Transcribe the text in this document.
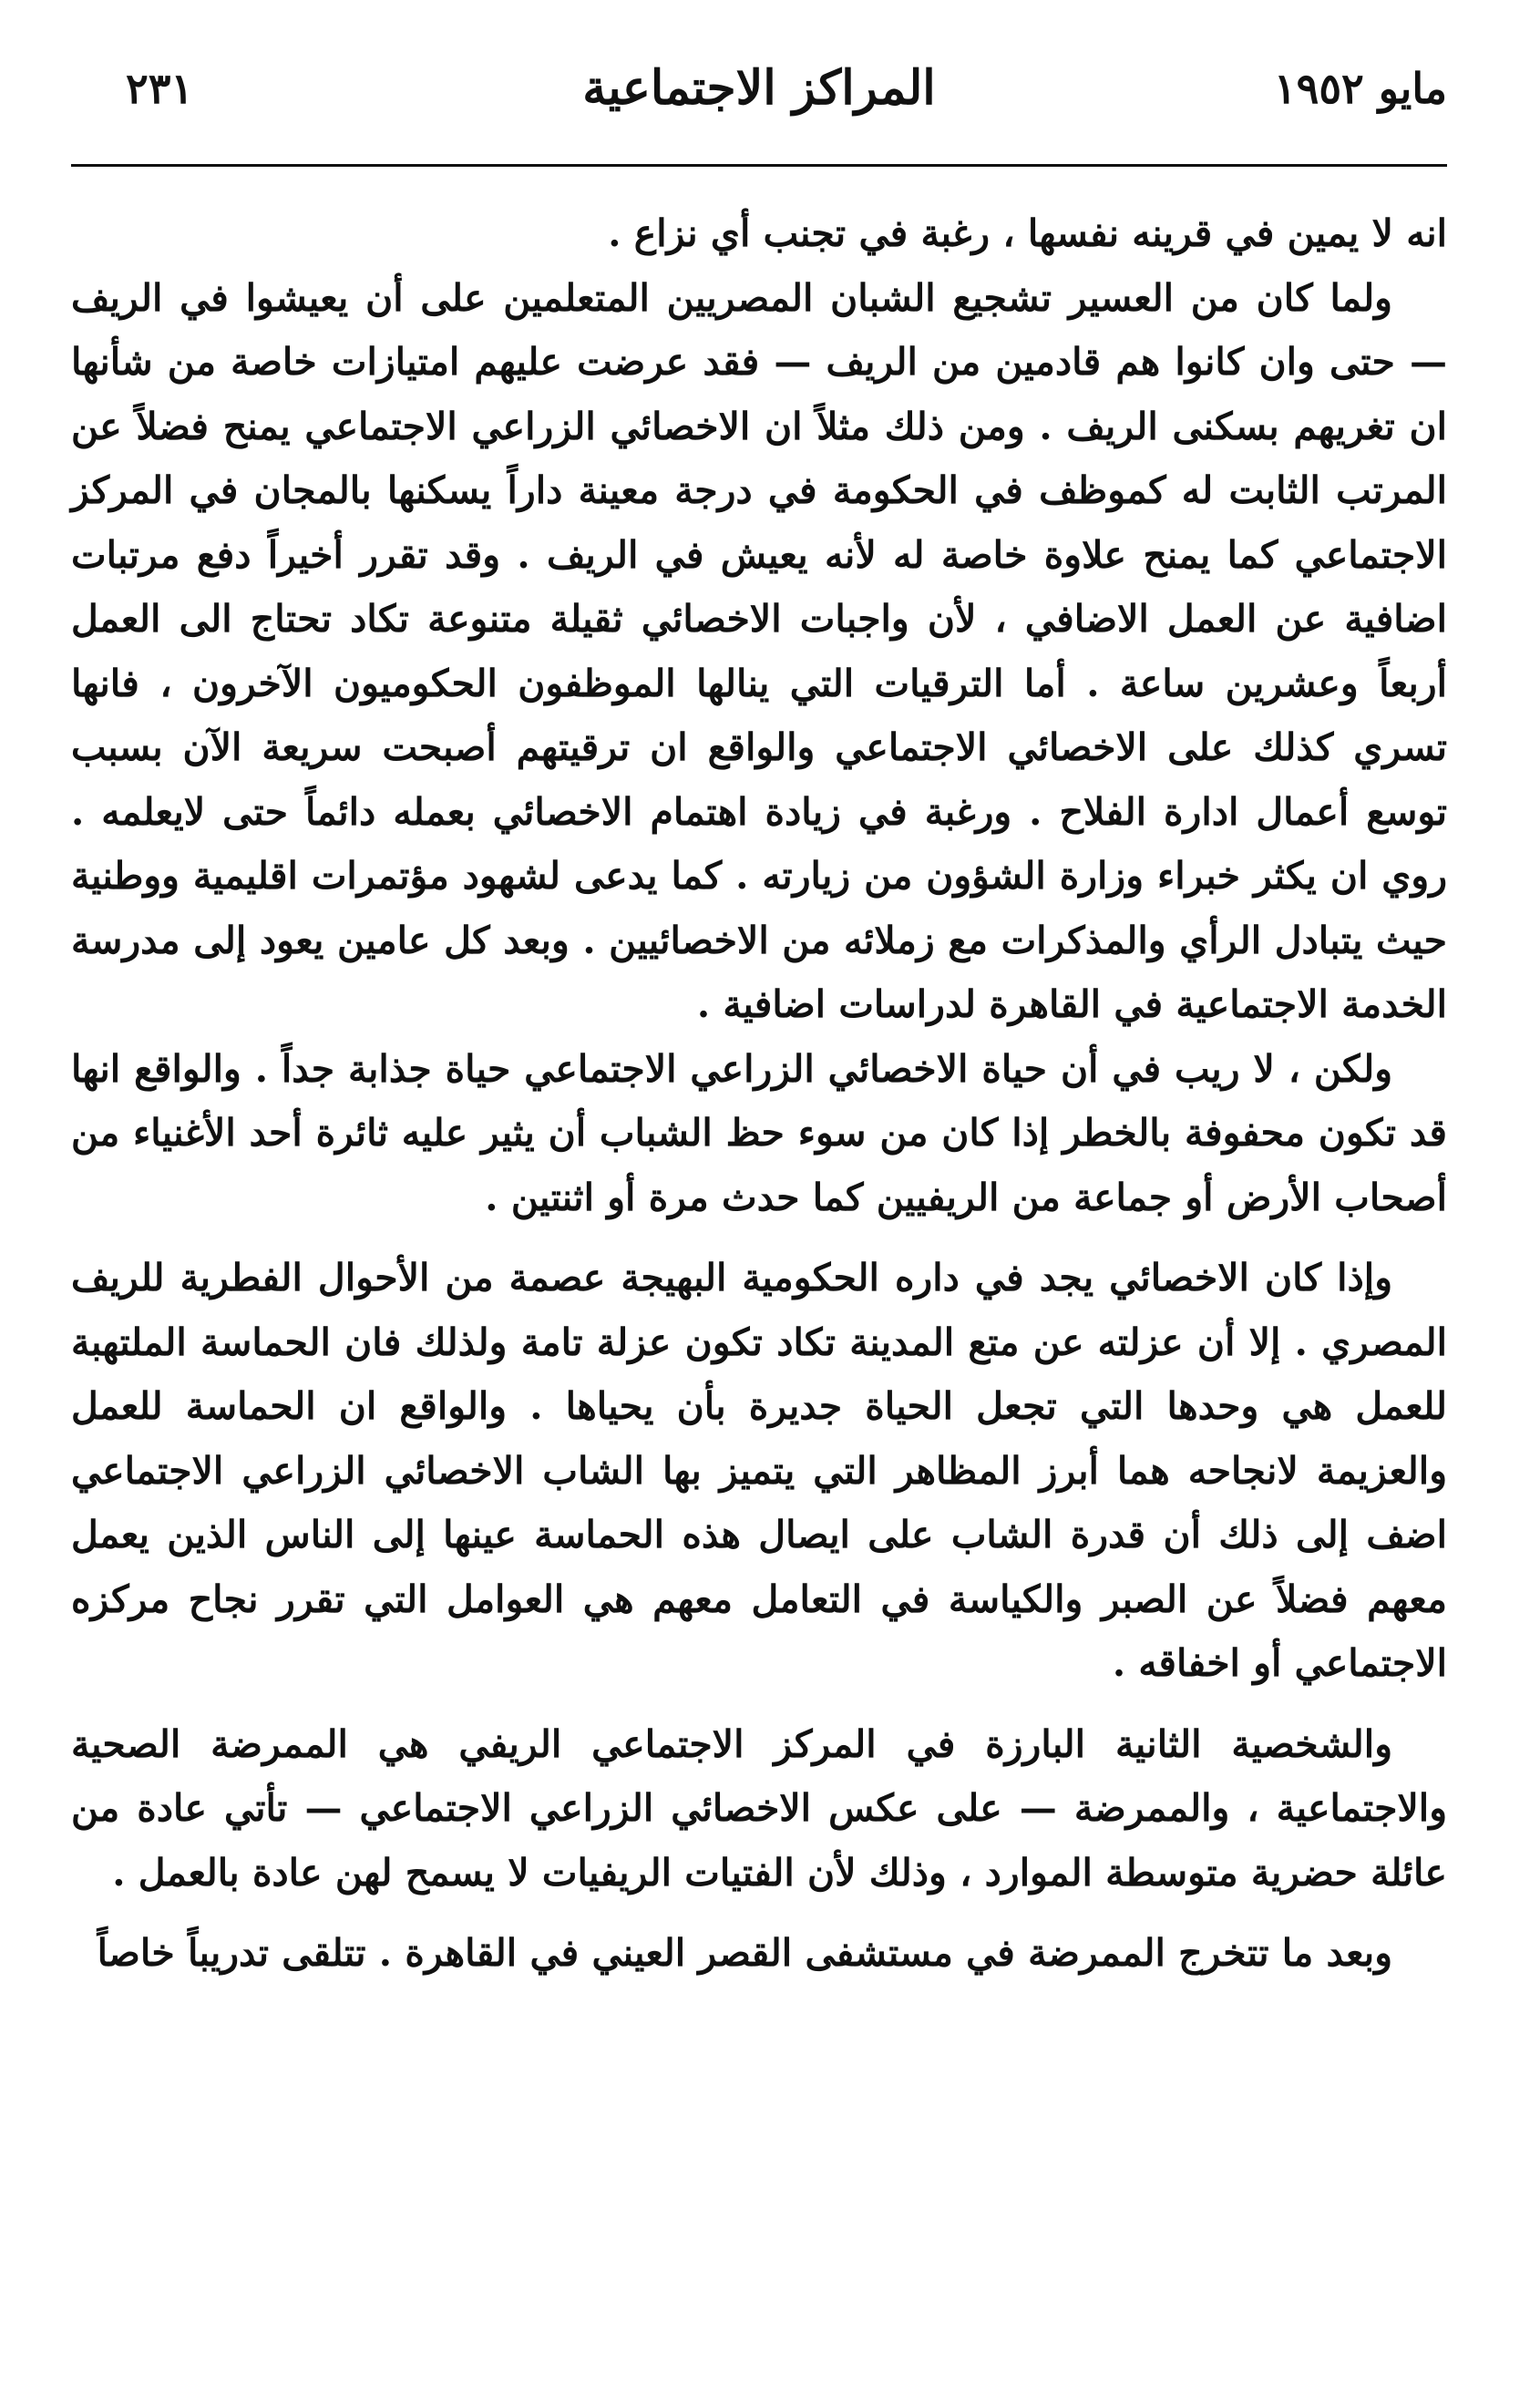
مايو ١٩٥٢
المراكز الاجتماعية
٢٣١

انه لا يمين في قرينه نفسها ، رغبة في تجنب أي نزاع .

ولما كان من العسير تشجيع الشبان المصريين المتعلمين على أن يعيشوا في الريف — حتى وان كانوا هم قادمين من الريف — فقد عرضت عليهم امتيازات خاصة من شأنها ان تغريهم بسكنى الريف . ومن ذلك مثلاً ان الاخصائي الزراعي الاجتماعي يمنح فضلاً عن المرتب الثابت له كموظف في الحكومة في درجة معينة داراً يسكنها بالمجان في المركز الاجتماعي كما يمنح علاوة خاصة له لأنه يعيش في الريف . وقد تقرر أخيراً دفع مرتبات اضافية عن العمل الاضافي ، لأن واجبات الاخصائي ثقيلة متنوعة تكاد تحتاج الى العمل أربعاً وعشرين ساعة . أما الترقيات التي ينالها الموظفون الحكوميون الآخرون ، فانها تسري كذلك على الاخصائي الاجتماعي والواقع ان ترقيتهم أصبحت سريعة الآن بسبب توسع أعمال ادارة الفلاح . ورغبة في زيادة اهتمام الاخصائي بعمله دائماً حتى لايعلمه . روي ان يكثر خبراء وزارة الشؤون من زيارته . كما يدعى لشهود مؤتمرات اقليمية ووطنية حيث يتبادل الرأي والمذكرات مع زملائه من الاخصائيين . وبعد كل عامين يعود إلى مدرسة الخدمة الاجتماعية في القاهرة لدراسات اضافية .

ولكن ، لا ريب في أن حياة الاخصائي الزراعي الاجتماعي حياة جذابة جداً . والواقع انها قد تكون محفوفة بالخطر إذا كان من سوء حظ الشباب أن يثير عليه ثائرة أحد الأغنياء من أصحاب الأرض أو جماعة من الريفيين كما حدث مرة أو اثنتين .

وإذا كان الاخصائي يجد في داره الحكومية البهيجة عصمة من الأحوال الفطرية للريف المصري . إلا أن عزلته عن متع المدينة تكاد تكون عزلة تامة ولذلك فان الحماسة الملتهبة للعمل هي وحدها التي تجعل الحياة جديرة بأن يحياها . والواقع ان الحماسة للعمل والعزيمة لانجاحه هما أبرز المظاهر التي يتميز بها الشاب الاخصائي الزراعي الاجتماعي اضف إلى ذلك أن قدرة الشاب على ايصال هذه الحماسة عينها إلى الناس الذين يعمل معهم فضلاً عن الصبر والكياسة في التعامل معهم هي العوامل التي تقرر نجاح مركزه الاجتماعي أو اخفاقه .

والشخصية الثانية البارزة في المركز الاجتماعي الريفي هي الممرضة الصحية والاجتماعية ، والممرضة — على عكس الاخصائي الزراعي الاجتماعي — تأتي عادة من عائلة حضرية متوسطة الموارد ، وذلك لأن الفتيات الريفيات لا يسمح لهن عادة بالعمل .

وبعد ما تتخرج الممرضة في مستشفى القصر العيني في القاهرة . تتلقى تدريباً خاصاً
